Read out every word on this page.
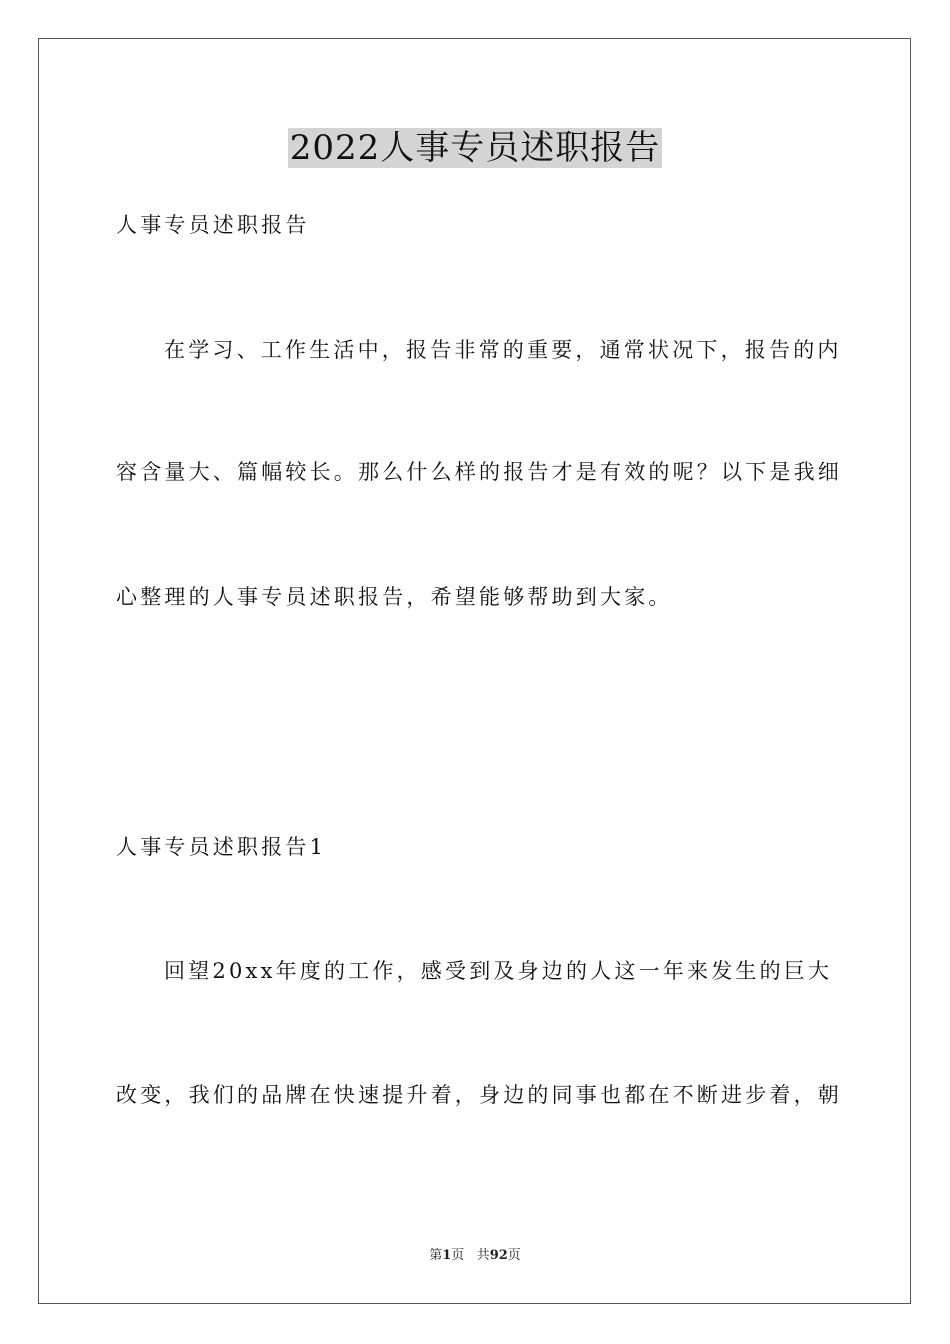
2022人事专员述职报告
人事专员述职报告
在学习、工作生活中，报告非常的重要，通常状况下，报告的内
容含量大、篇幅较长。那么什么样的报告才是有效的呢？以下是我细
心整理的人事专员述职报告，希望能够帮助到大家。
人事专员述职报告1
回望20xx年度的工作，感受到及身边的人这一年来发生的巨大
改变，我们的品牌在快速提升着，身边的同事也都在不断进步着，朝
第1页 共92页
